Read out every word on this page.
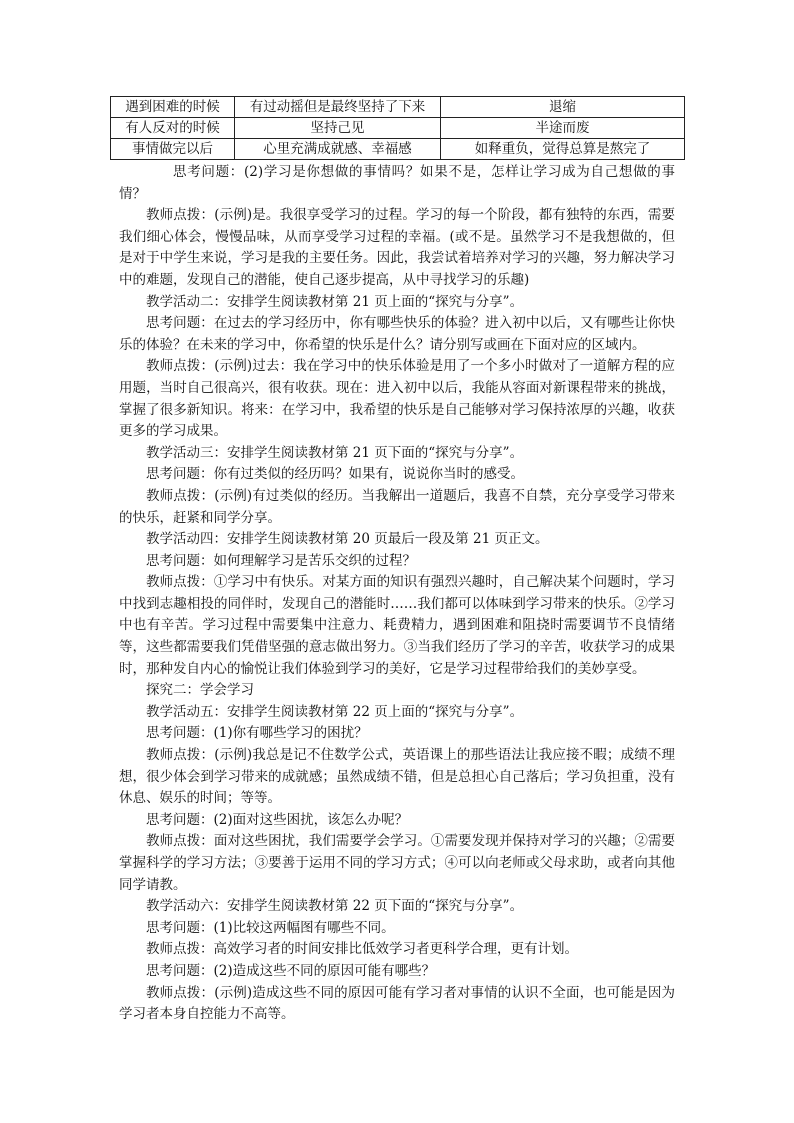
遇到困难的时候	有过动摇但是最终坚持了下来	退缩
有人反对的时候	坚持己见	半途而废
事情做完以后	心里充满成就感、幸福感	如释重负，觉得总算是熬完了

思考问题：(2)学习是你想做的事情吗？如果不是，怎样让学习成为自己想做的事情？

教师点拨：(示例)是。我很享受学习的过程。学习的每一个阶段，都有独特的东西，需要我们细心体会，慢慢品味，从而享受学习过程的幸福。(或不是。虽然学习不是我想做的，但是对于中学生来说，学习是我的主要任务。因此，我尝试着培养对学习的兴趣，努力解决学习中的难题，发现自己的潜能，使自己逐步提高，从中寻找学习的乐趣)

教学活动二：安排学生阅读教材第 21 页上面的“探究与分享”。

思考问题：在过去的学习经历中，你有哪些快乐的体验？进入初中以后，又有哪些让你快乐的体验？在未来的学习中，你希望的快乐是什么？请分别写或画在下面对应的区域内。

教师点拨：(示例)过去：我在学习中的快乐体验是用了一个多小时做对了一道解方程的应用题，当时自己很高兴，很有收获。现在：进入初中以后，我能从容面对新课程带来的挑战，掌握了很多新知识。将来：在学习中，我希望的快乐是自己能够对学习保持浓厚的兴趣，收获更多的学习成果。

教学活动三：安排学生阅读教材第 21 页下面的“探究与分享”。

思考问题：你有过类似的经历吗？如果有，说说你当时的感受。

教师点拨：(示例)有过类似的经历。当我解出一道题后，我喜不自禁，充分享受学习带来的快乐，赶紧和同学分享。

教学活动四：安排学生阅读教材第 20 页最后一段及第 21 页正文。

思考问题：如何理解学习是苦乐交织的过程？

教师点拨：①学习中有快乐。对某方面的知识有强烈兴趣时，自己解决某个问题时，学习中找到志趣相投的同伴时，发现自己的潜能时……我们都可以体味到学习带来的快乐。②学习中也有辛苦。学习过程中需要集中注意力、耗费精力，遇到困难和阻挠时需要调节不良情绪等，这些都需要我们凭借坚强的意志做出努力。③当我们经历了学习的辛苦，收获学习的成果时，那种发自内心的愉悦让我们体验到学习的美好，它是学习过程带给我们的美妙享受。

探究二：学会学习

教学活动五：安排学生阅读教材第 22 页上面的“探究与分享”。

思考问题：(1)你有哪些学习的困扰？

教师点拨：(示例)我总是记不住数学公式，英语课上的那些语法让我应接不暇；成绩不理想，很少体会到学习带来的成就感；虽然成绩不错，但是总担心自己落后；学习负担重，没有休息、娱乐的时间；等等。

思考问题：(2)面对这些困扰，该怎么办呢？

教师点拨：面对这些困扰，我们需要学会学习。①需要发现并保持对学习的兴趣；②需要掌握科学的学习方法；③要善于运用不同的学习方式；④可以向老师或父母求助，或者向其他同学请教。

教学活动六：安排学生阅读教材第 22 页下面的“探究与分享”。

思考问题：(1)比较这两幅图有哪些不同。

教师点拨：高效学习者的时间安排比低效学习者更科学合理，更有计划。

思考问题：(2)造成这些不同的原因可能有哪些？

教师点拨：(示例)造成这些不同的原因可能有学习者对事情的认识不全面，也可能是因为学习者本身自控能力不高等。
